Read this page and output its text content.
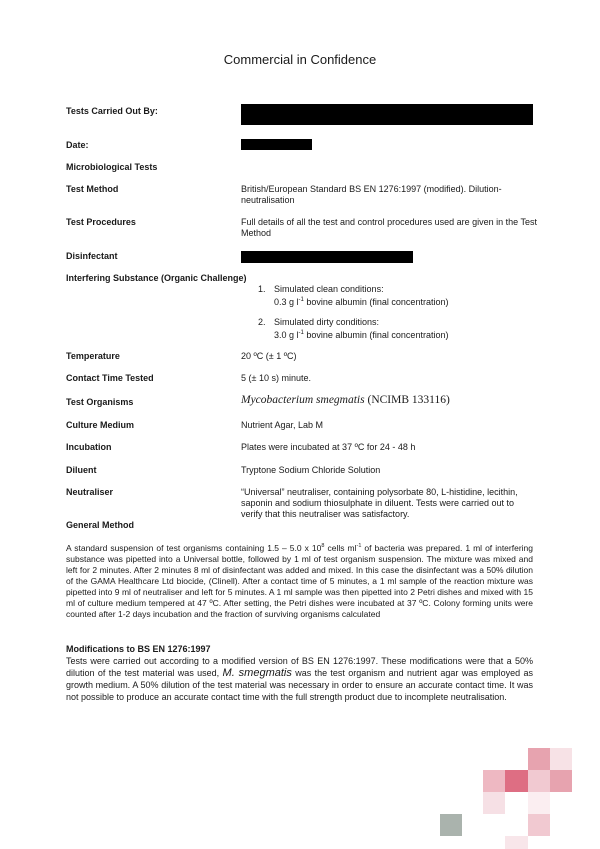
Commercial in Confidence
Tests Carried Out By:
Date:
Microbiological Tests
Test Method	British/European Standard BS EN 1276:1997 (modified). Dilution-neutralisation
Test Procedures	Full details of all the test and control procedures used are given in the Test Method
Disinfectant
Interfering Substance (Organic Challenge)
1. Simulated clean conditions:
0.3 g $l^{-1}$ bovine albumin (final concentration)
2. Simulated dirty conditions:
3.0 g $l^{-1}$ bovine albumin (final concentration)
Temperature	20 ºC (± 1 ºC)
Contact Time Tested	5 (± 10 s) minute.
Test Organisms	Mycobacterium smegmatis (NCIMB 133116)
Culture Medium	Nutrient Agar, Lab M
Incubation	Plates were incubated at 37 ºC for 24 - 48 h
Diluent	Tryptone Sodium Chloride Solution
Neutraliser	“Universal” neutraliser, containing polysorbate 80, L-histidine, lecithin, saponin and sodium thiosulphate in diluent. Tests were carried out to verify that this neutraliser was satisfactory.
General Method
A standard suspension of test organisms containing 1.5 – 5.0 x $10^8$ cells $ml^{-1}$ of bacteria was prepared. 1 ml of interfering substance was pipetted into a Universal bottle, followed by 1 ml of test organism suspension. The mixture was mixed and left for 2 minutes. After 2 minutes 8 ml of disinfectant was added and mixed. In this case the disinfectant was a 50% dilution of the GAMA Healthcare Ltd biocide, (Clinell). After a contact time of 5 minutes, a 1 ml sample of the reaction mixture was pipetted into 9 ml of neutraliser and left for 5 minutes. A 1 ml sample was then pipetted into 2 Petri dishes and mixed with 15 ml of culture medium tempered at 47 ºC. After setting, the Petri dishes were incubated at 37 ºC. Colony forming units were counted after 1-2 days incubation and the fraction of surviving organisms calculated
Modifications to BS EN 1276:1997
Tests were carried out according to a modified version of BS EN 1276:1997. These modifications were that a 50% dilution of the test material was used, M. smegmatis was the test organism and nutrient agar was employed as growth medium. A 50% dilution of the test material was necessary in order to ensure an accurate contact time. It was not possible to produce an accurate contact time with the full strength product due to incomplete neutralisation.
